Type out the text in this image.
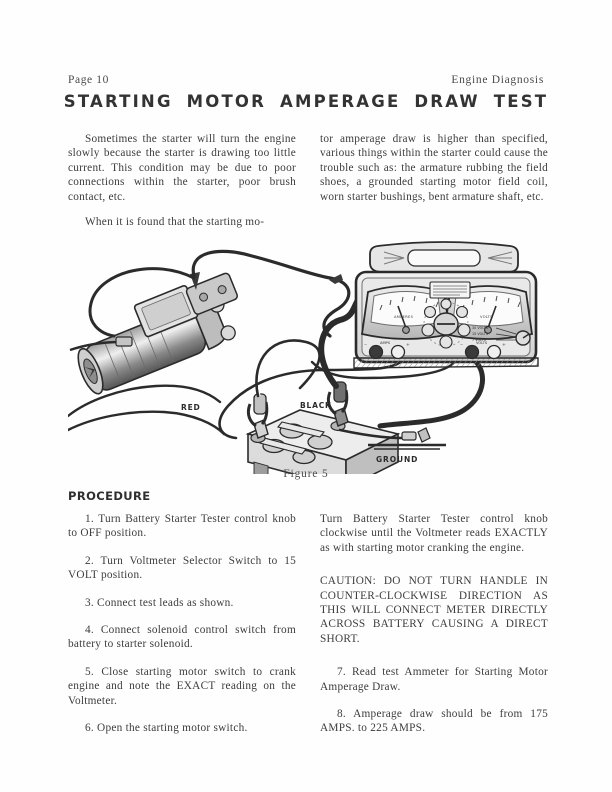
Page 10	Engine Diagnosis
STARTING MOTOR AMPERAGE DRAW TEST

Sometimes the starter will turn the engine slowly because the starter is drawing too little current. This condition may be due to poor connections within the starter, poor brush contact, etc.

When it is found that the starting mo-

tor amperage draw is higher than specified, various things within the starter could cause the trouble such as: the armature rubbing the field shoes, a grounded starting motor field coil, worn starter bushings, bent armature shaft, etc.

RED	BLACK
GROUND
AMPERES	VOLTS
30 VOLTS
15 VOLTS
7 VOLTS
−	AMPS	+	−	VOLTS	+
Figure 5
PROCEDURE

1. Turn Battery Starter Tester control knob to OFF position.

2. Turn Voltmeter Selector Switch to 15 VOLT position.

3. Connect test leads as shown.

4. Connect solenoid control switch from battery to starter solenoid.

5. Close starting motor switch to crank engine and note the EXACT reading on the Voltmeter.

6. Open the starting motor switch.

Turn Battery Starter Tester control knob clockwise until the Voltmeter reads EXACTLY as with starting motor cranking the engine.

CAUTION: DO NOT TURN HANDLE IN COUNTER-CLOCKWISE DIRECTION AS THIS WILL CONNECT METER DIRECTLY ACROSS BATTERY CAUSING A DIRECT SHORT.

7. Read test Ammeter for Starting Motor Amperage Draw.

8. Amperage draw should be from 175 AMPS. to 225 AMPS.
